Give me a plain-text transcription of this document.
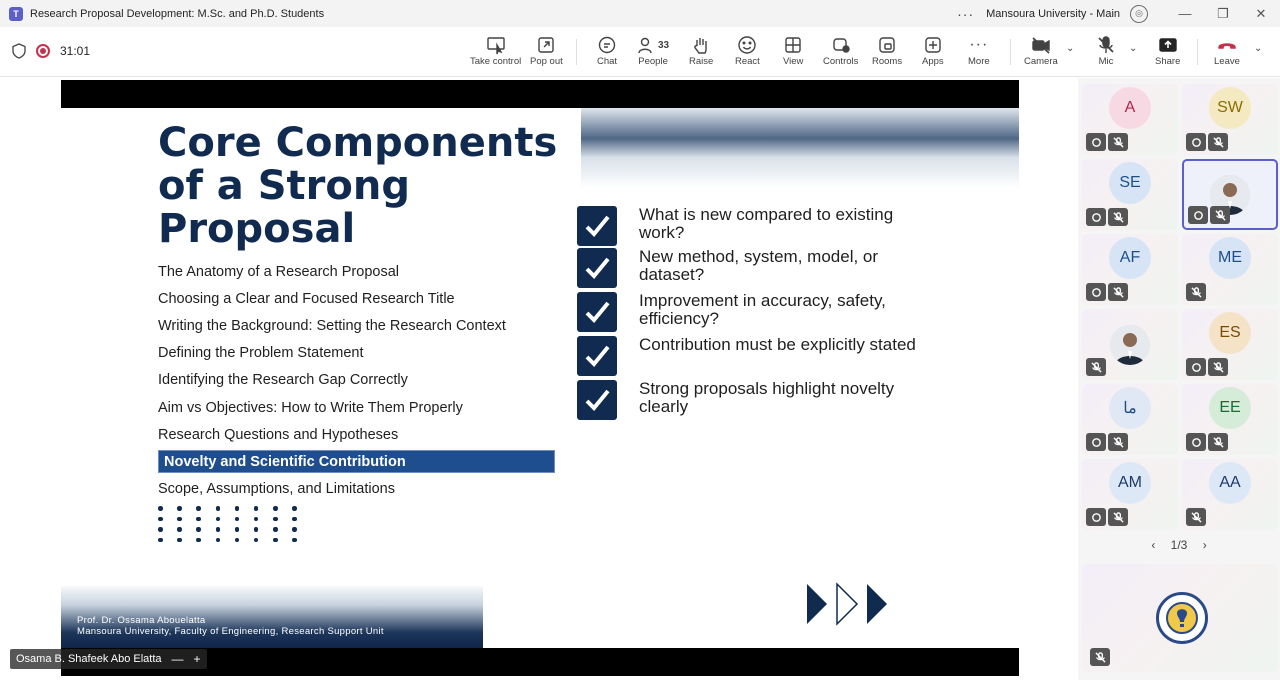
T	Research Proposal Development: M.Sc. and Ph.D. Students	··· Mansoura University - Main	◎	—	❐	✕
31:01
Take control Pop out	Chat
33
People Raise React View Controls Rooms Apps
···
More	Camera
⌄
Mic
⌄
Share	Leave
⌄
Core Components of a Strong Proposal
The Anatomy of a Research Proposal
Choosing a Clear and Focused Research Title
Writing the Background: Setting the Research Context
Defining the Problem Statement
Identifying the Research Gap Correctly
Aim vs Objectives: How to Write Them Properly
Research Questions and Hypotheses
Novelty and Scientific Contribution
Scope, Assumptions, and Limitations
What is new compared to existing work?
New method, system, model, or dataset?
Improvement in accuracy, safety, efficiency?
Contribution must be explicitly stated
Strong proposals highlight novelty clearly
Prof. Dr. Ossama Abouelatta
Mansoura University, Faculty of Engineering, Research Support Unit
Osama B. Shafeek Abo Elatta — +
‹ 1/3 ›
A	SW
SE
AF	ME
ES
ما	EE
AM	AA
